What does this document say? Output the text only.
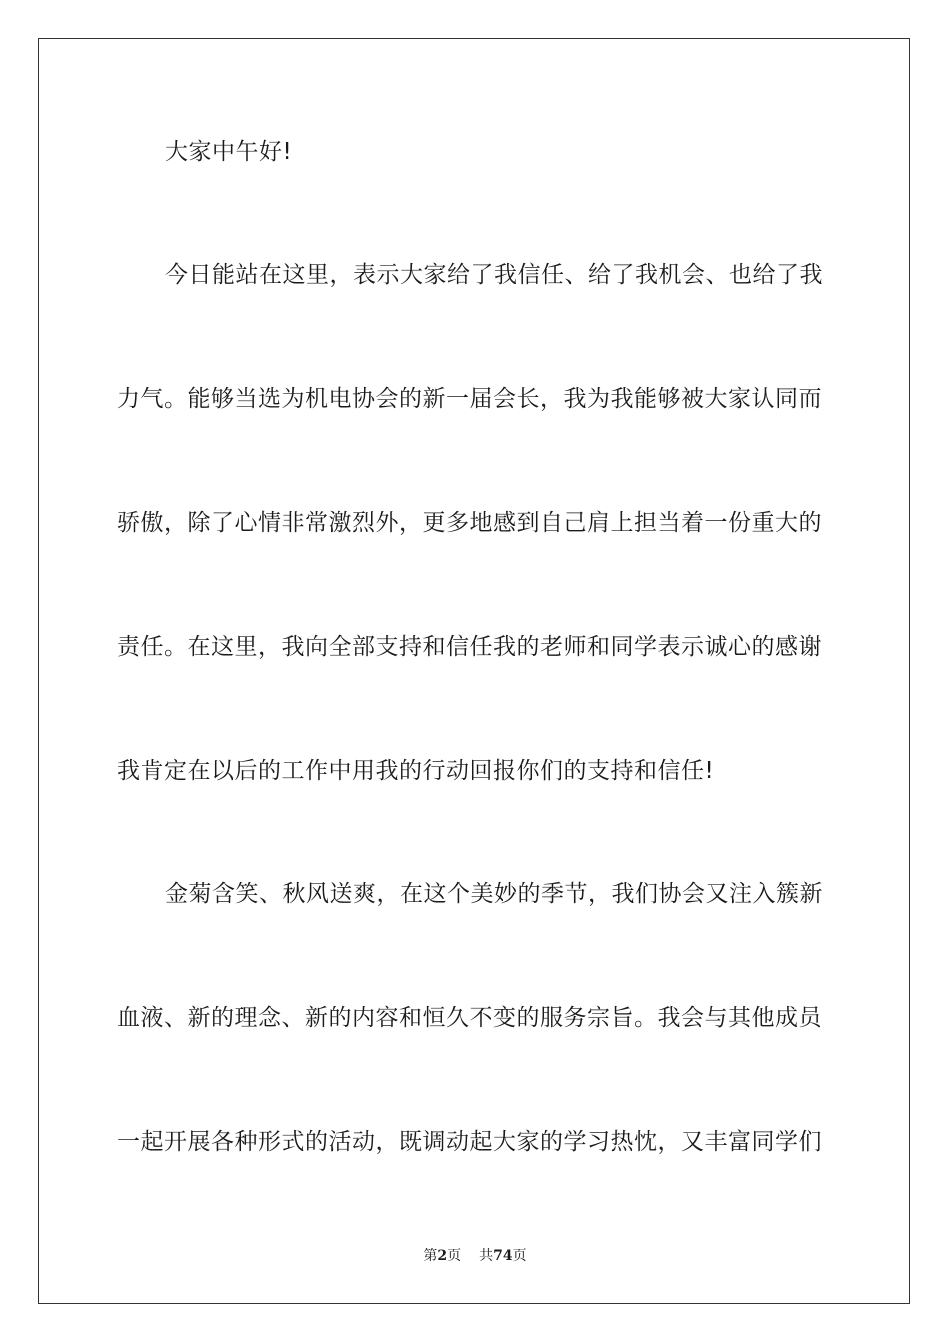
大家中午好!
今日能站在这里，表示大家给了我信任、给了我机会、也给了我
力气。能够当选为机电协会的新一届会长，我为我能够被大家认同而
骄傲，除了心情非常激烈外，更多地感到自己肩上担当着一份重大的
责任。在这里，我向全部支持和信任我的老师和同学表示诚心的感谢
我肯定在以后的工作中用我的行动回报你们的支持和信任!
金菊含笑、秋风送爽，在这个美妙的季节，我们协会又注入簇新
血液、新的理念、新的内容和恒久不变的服务宗旨。我会与其他成员
一起开展各种形式的活动，既调动起大家的学习热忱，又丰富同学们
第2页 共74页
